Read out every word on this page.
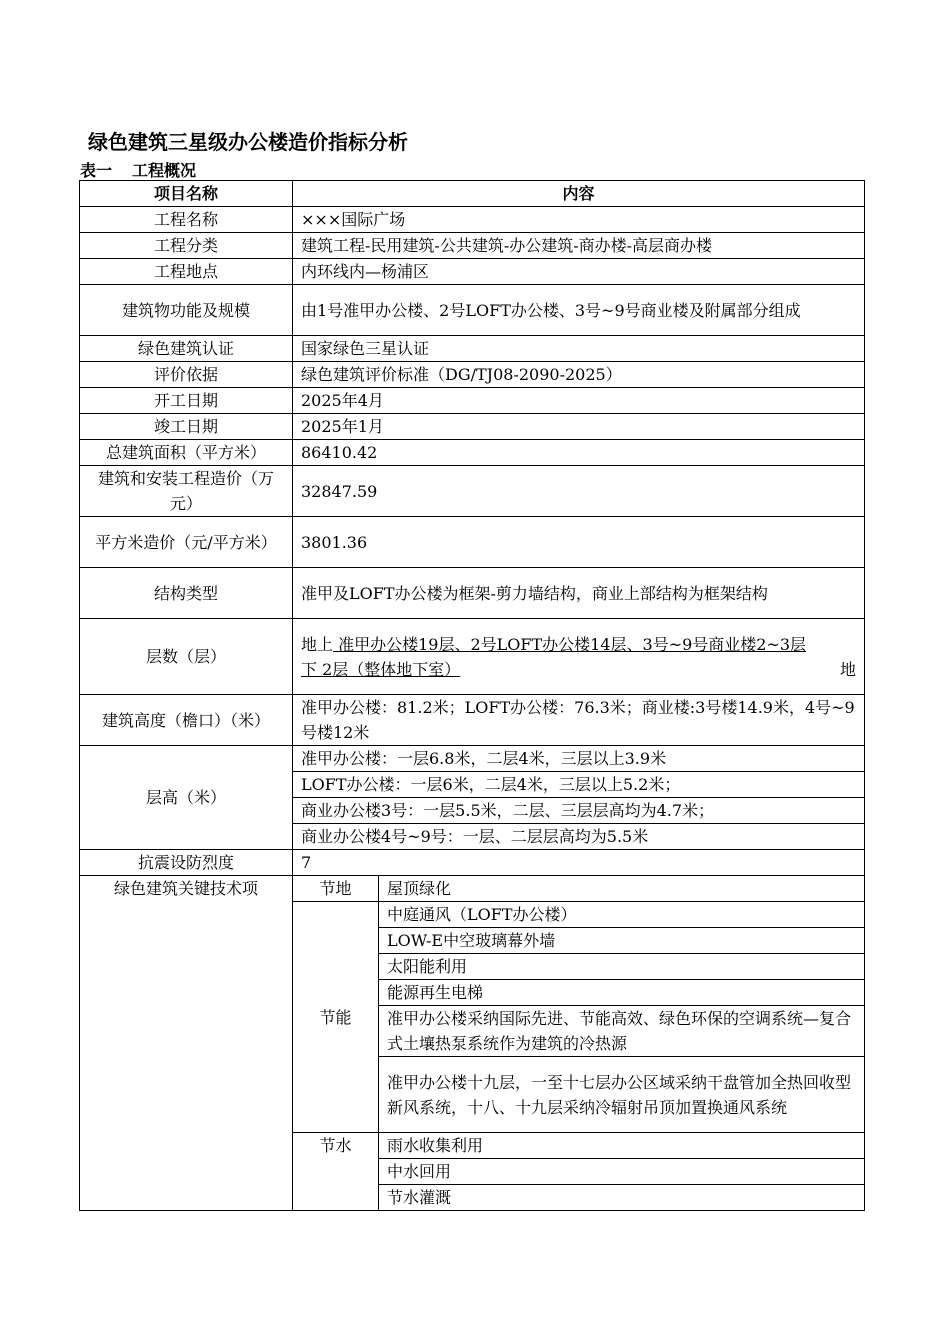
绿色建筑三星级办公楼造价指标分析
表一 工程概况
项目名称	内容	
工程名称	×××国际广场	
工程分类	建筑工程-民用建筑-公共建筑-办公建筑-商办楼-高层商办楼	
工程地点	内环线内—杨浦区	
建筑物功能及规模	由1号准甲办公楼、2号LOFT办公楼、3号~9号商业楼及附属部分组成	
绿色建筑认证	国家绿色三星认证	
评价依据	绿色建筑评价标准（DG/TJ08-2090-2025）	
开工日期	2025年4月	
竣工日期	2025年1月	
总建筑面积（平方米）	86410.42	
建筑和安装工程造价（万元）	32847.59	
平方米造价（元/平方米）	3801.36	
结构类型	准甲及LOFT办公楼为框架-剪力墙结构，商业上部结构为框架结构	
层数（层）	地上 准甲办公楼19层、2号LOFT办公楼14层、3号~9号商业楼2~3层
下 2层（整体地下室） 地	

建筑高度（檐口）（米）	准甲办公楼：81.2米；LOFT办公楼：76.3米；商业楼:3号楼14.9米，4号~9号楼12米	
层高（米）	准甲办公楼：一层6.8米，二层4米，三层以上3.9米	
	LOFT办公楼：一层6米，二层4米，三层以上5.2米；	
	商业办公楼3号：一层5.5米，二层、三层层高均为4.7米；	
	商业办公楼4号~9号：一层、二层层高均为5.5米	
抗震设防烈度	7	
绿色建筑关键技术项	节地	屋顶绿化
	节能	中庭通风（LOFT办公楼）
		LOW-E中空玻璃幕外墙
		太阳能利用
		能源再生电梯
		准甲办公楼采纳国际先进、节能高效、绿色环保的空调系统—复合式土壤热泵系统作为建筑的冷热源
		准甲办公楼十九层，一至十七层办公区域采纳干盘管加全热回收型新风系统，十八、十九层采纳冷辐射吊顶加置换通风系统
	节水	雨水收集利用
		中水回用
		节水灌溉
